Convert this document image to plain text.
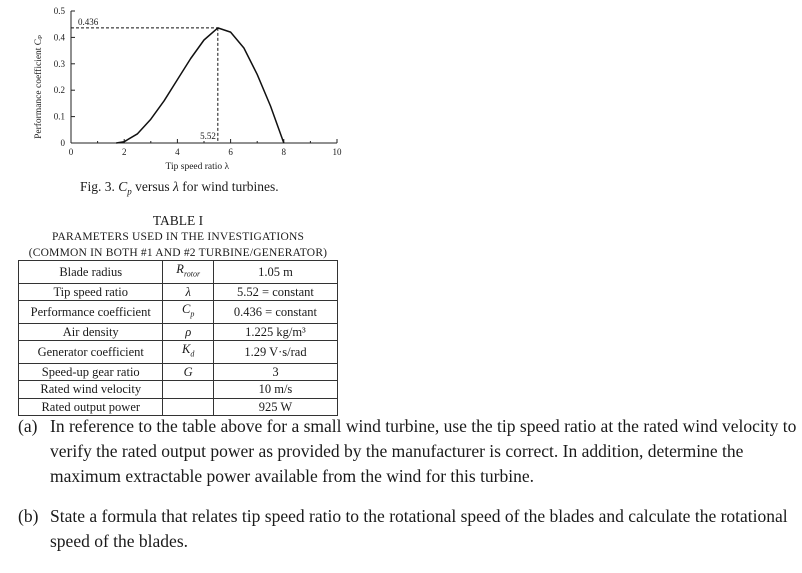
0	2	4	6	8	10
0
0.1
0.2
0.3
0.4
0.5
Performance coefficient Cₚ
Tip speed ratio λ
0.436
5.52
Fig. 3. $C_p$ versus λ for wind turbines.
TABLE I
PARAMETERS USED IN THE INVESTIGATIONS
(COMMON IN BOTH #1 AND #2 TURBINE/GENERATOR)
Blade radius	$R_{rotor}$	1.05 m
Tip speed ratio	λ	5.52 = constant
Performance coefficient	$C_p$	0.436 = constant
Air density	ρ	1.225 kg/m³
Generator coefficient	$K_d$	1.29 V·s/rad
Speed-up gear ratio	G	3
Rated wind velocity		10 m/s
Rated output power		925 W
(a) In reference to the table above for a small wind turbine, use the tip speed ratio at the rated wind velocity to verify the rated output power as provided by the manufacturer is correct. In addition, determine the maximum extractable power available from the wind for this turbine.
(b) State a formula that relates tip speed ratio to the rotational speed of the blades and calculate the rotational speed of the blades.
